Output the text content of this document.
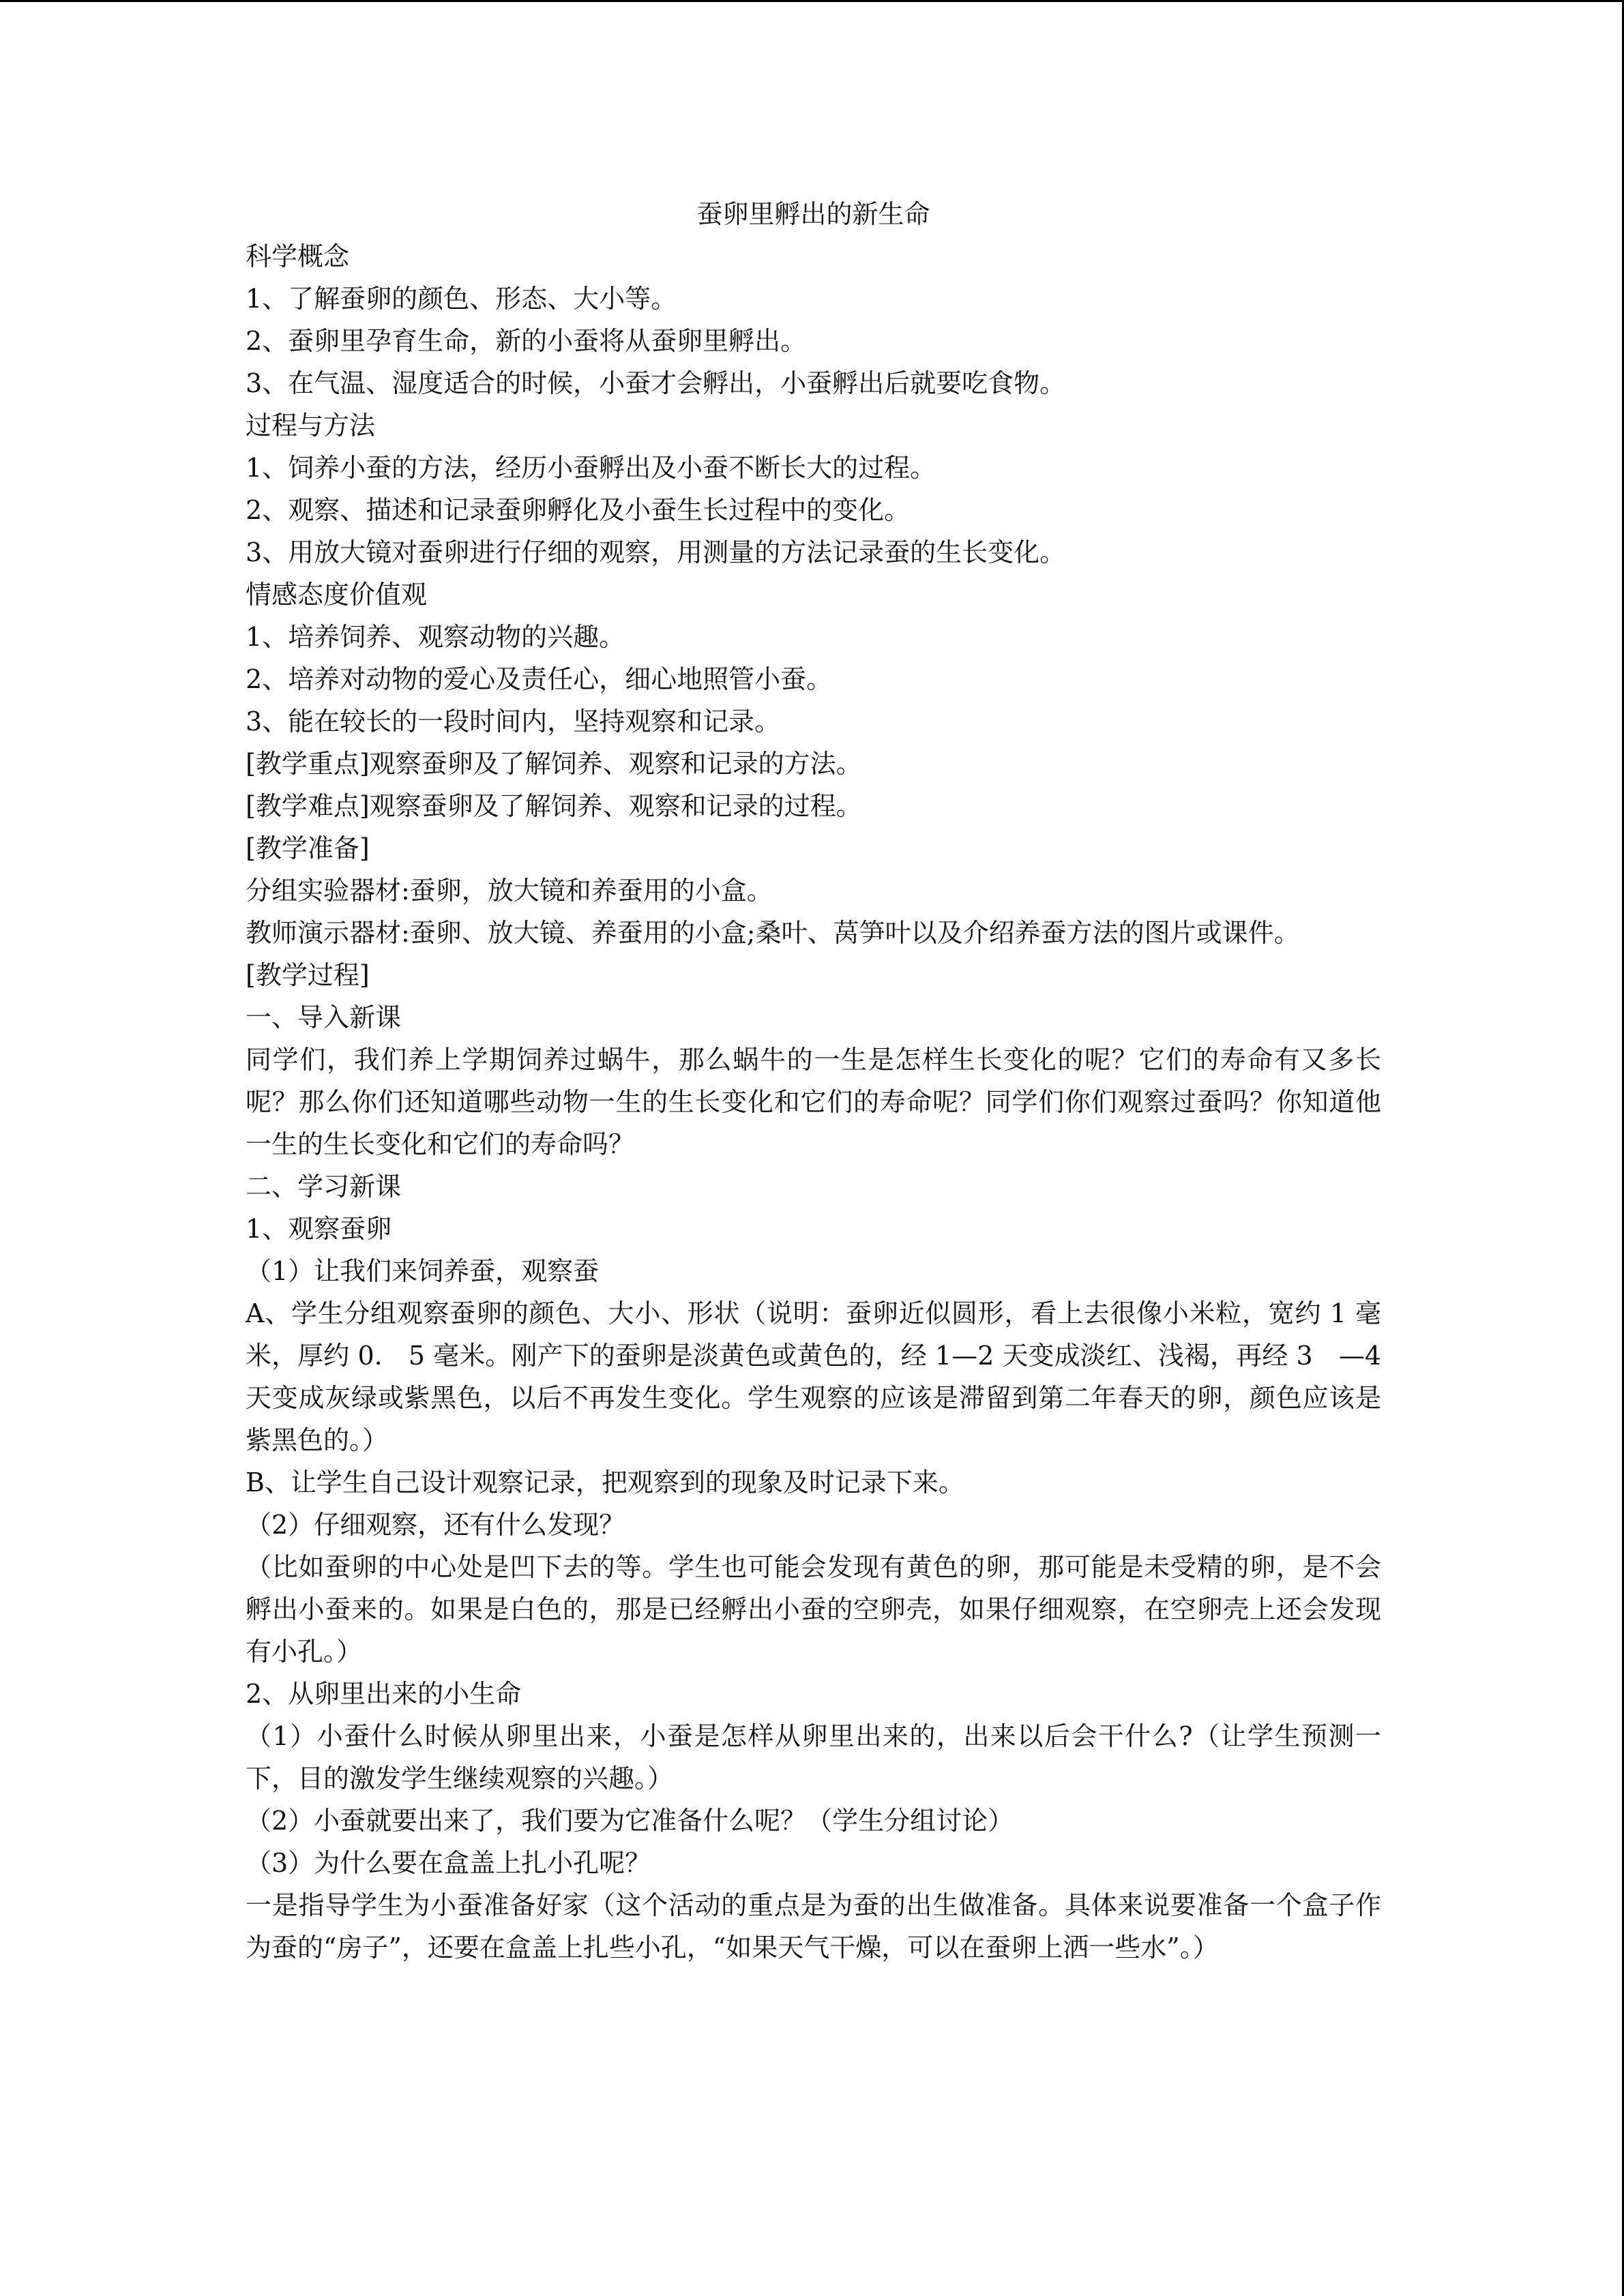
蚕卵里孵出的新生命

科学概念

1、了解蚕卵的颜色、形态、大小等。

2、蚕卵里孕育生命，新的小蚕将从蚕卵里孵出。

3、在气温、湿度适合的时候，小蚕才会孵出，小蚕孵出后就要吃食物。

过程与方法

1、饲养小蚕的方法，经历小蚕孵出及小蚕不断长大的过程。

2、观察、描述和记录蚕卵孵化及小蚕生长过程中的变化。

3、用放大镜对蚕卵进行仔细的观察，用测量的方法记录蚕的生长变化。

情感态度价值观

1、培养饲养、观察动物的兴趣。

2、培养对动物的爱心及责任心，细心地照管小蚕。

3、能在较长的一段时间内，坚持观察和记录。

[教学重点]观察蚕卵及了解饲养、观察和记录的方法。

[教学难点]观察蚕卵及了解饲养、观察和记录的过程。

[教学准备]

分组实验器材:蚕卵，放大镜和养蚕用的小盒。

教师演示器材:蚕卵、放大镜、养蚕用的小盒;桑叶、莴笋叶以及介绍养蚕方法的图片或课件。

[教学过程]

一、导入新课

同学们，我们养上学期饲养过蜗牛，那么蜗牛的一生是怎样生长变化的呢？它们的寿命有又多长呢？那么你们还知道哪些动物一生的生长变化和它们的寿命呢？同学们你们观察过蚕吗？你知道他一生的生长变化和它们的寿命吗？

二、学习新课

1、观察蚕卵

（1）让我们来饲养蚕，观察蚕

A、学生分组观察蚕卵的颜色、大小、形状（说明：蚕卵近似圆形，看上去很像小米粒，宽约 1 毫米，厚约 0.　5 毫米。刚产下的蚕卵是淡黄色或黄色的，经 1—2 天变成淡红、浅褐，再经 3　—4 天变成灰绿或紫黑色，以后不再发生变化。学生观察的应该是滞留到第二年春天的卵，颜色应该是紫黑色的。）

B、让学生自己设计观察记录，把观察到的现象及时记录下来。

（2）仔细观察，还有什么发现？

（比如蚕卵的中心处是凹下去的等。学生也可能会发现有黄色的卵，那可能是未受精的卵，是不会孵出小蚕来的。如果是白色的，那是已经孵出小蚕的空卵壳，如果仔细观察，在空卵壳上还会发现有小孔。）

2、从卵里出来的小生命

（1）小蚕什么时候从卵里出来，小蚕是怎样从卵里出来的，出来以后会干什么?（让学生预测一下，目的激发学生继续观察的兴趣。）

（2）小蚕就要出来了，我们要为它准备什么呢？（学生分组讨论）

（3）为什么要在盒盖上扎小孔呢？

一是指导学生为小蚕准备好家（这个活动的重点是为蚕的出生做准备。具体来说要准备一个盒子作为蚕的“房子”，还要在盒盖上扎些小孔，“如果天气干燥，可以在蚕卵上洒一些水”。）
